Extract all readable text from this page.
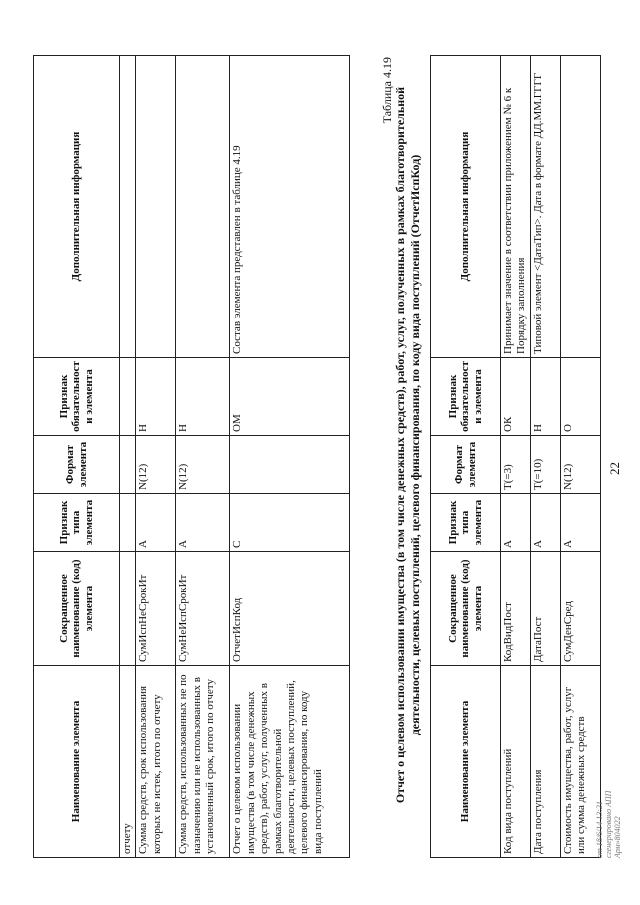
Наименование элемента	Сокращенное наименование (код) элемента	Признак типа элемента	Формат элемента	Признак обязательности элемента	Дополнительная информация
отчету					
Сумма средств, срок использования которых не истек, итого по отчету	СумИспНеСрокИт	А	N(12)	Н	
Сумма средств, использованных не по назначению или не использованных в установленный срок, итого по отчету	СумНеИспСрокИт	А	N(12)	Н	
Отчет о целевом использовании имущества (в том числе денежных средств), работ, услуг, полученных в рамках благотворительной деятельности, целевых поступлений, целевого финансирования, по коду вида поступлений	ОтчетИспКод	С		ОМ	Состав элемента представлен в таблице 4.19
22
Таблица 4.19 Отчет о целевом использовании имущества (в том числе денежных средств), работ, услуг, полученных в рамках благотворительной деятельности, целевых поступлений, целевого финансирования, по коду вида поступлений (ОтчетИспКод)
Наименование элемента	Сокращенное наименование (код) элемента	Признак типа элемента	Формат элемента	Признак обязательности элемента	Дополнительная информация
Код вида поступлений	КодВидПост	А	T(=3)	ОК	Принимает значение в соответствии приложением № 6 к Порядку заполнения
Дата поступления	ДатаПост	А	T(=10)	Н	Типовой элемент <ДатаТип>. Дата в формате ДД.ММ.ГГГГ
Стоимость имущества, работ, услуг или сумма денежных средств	СумДенСред	А	N(12)	О	
от 18/6/14 13:21 сгенерировано АПП Арм»804022
